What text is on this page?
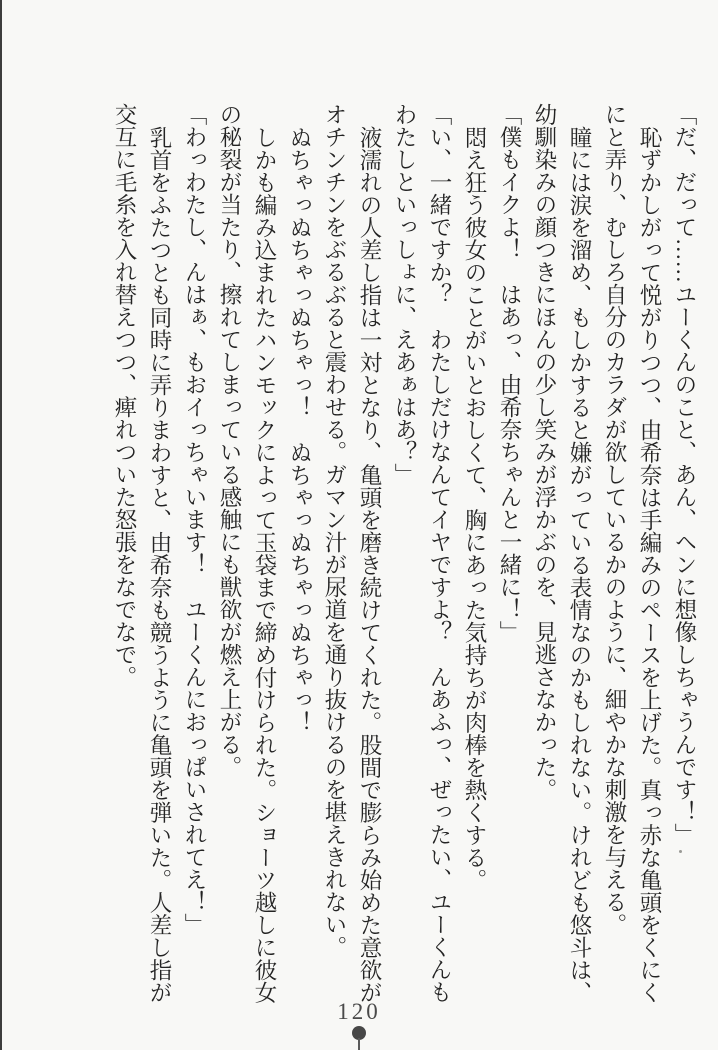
「だ、だって……ユーくんのこと、あん、ヘンに想像しちゃうんです！」

恥ずかしがって悦がりつつ、由希奈は手編みのペースを上げた。真っ赤な亀頭をくにくにと弄り、むしろ自分のカラダが欲しているかのように、細やかな刺激を与える。

瞳には涙を溜め、もしかすると嫌がっている表情なのかもしれない。けれども悠斗は、幼馴染みの顔つきにほんの少し笑みが浮かぶのを、見逃さなかった。

「僕もイクよ！　はあっ、由希奈ちゃんと一緒に！」

悶え狂う彼女のことがいとおしくて、胸にあった気持ちが肉棒を熱くする。

「い、一緒ですか？　わたしだけなんてイヤですよ？　んあふっ、ぜったい、ユーくんもわたしといっしょに、えあぁはあ？」

液濡れの人差し指は一対となり、亀頭を磨き続けてくれた。股間で膨らみ始めた意欲がオチンチンをぶるぶると震わせる。ガマン汁が尿道を通り抜けるのを堪えきれない。

ぬちゃっぬちゃっぬちゃっ！　ぬちゃっぬちゃっぬちゃっ！

しかも編み込まれたハンモックによって玉袋まで締め付けられた。ショーツ越しに彼女の秘裂が当たり、擦れてしまっている感触にも獣欲が燃え上がる。

「わっわたし、んはぁ、もおイっちゃいます！　ユーくんにおっぱいされてえ！」

乳首をふたつとも同時に弄りまわすと、由希奈も競うように亀頭を弾いた。人差し指が交互に毛糸を入れ替えつつ、痺れついた怒張をなでなで。

120
